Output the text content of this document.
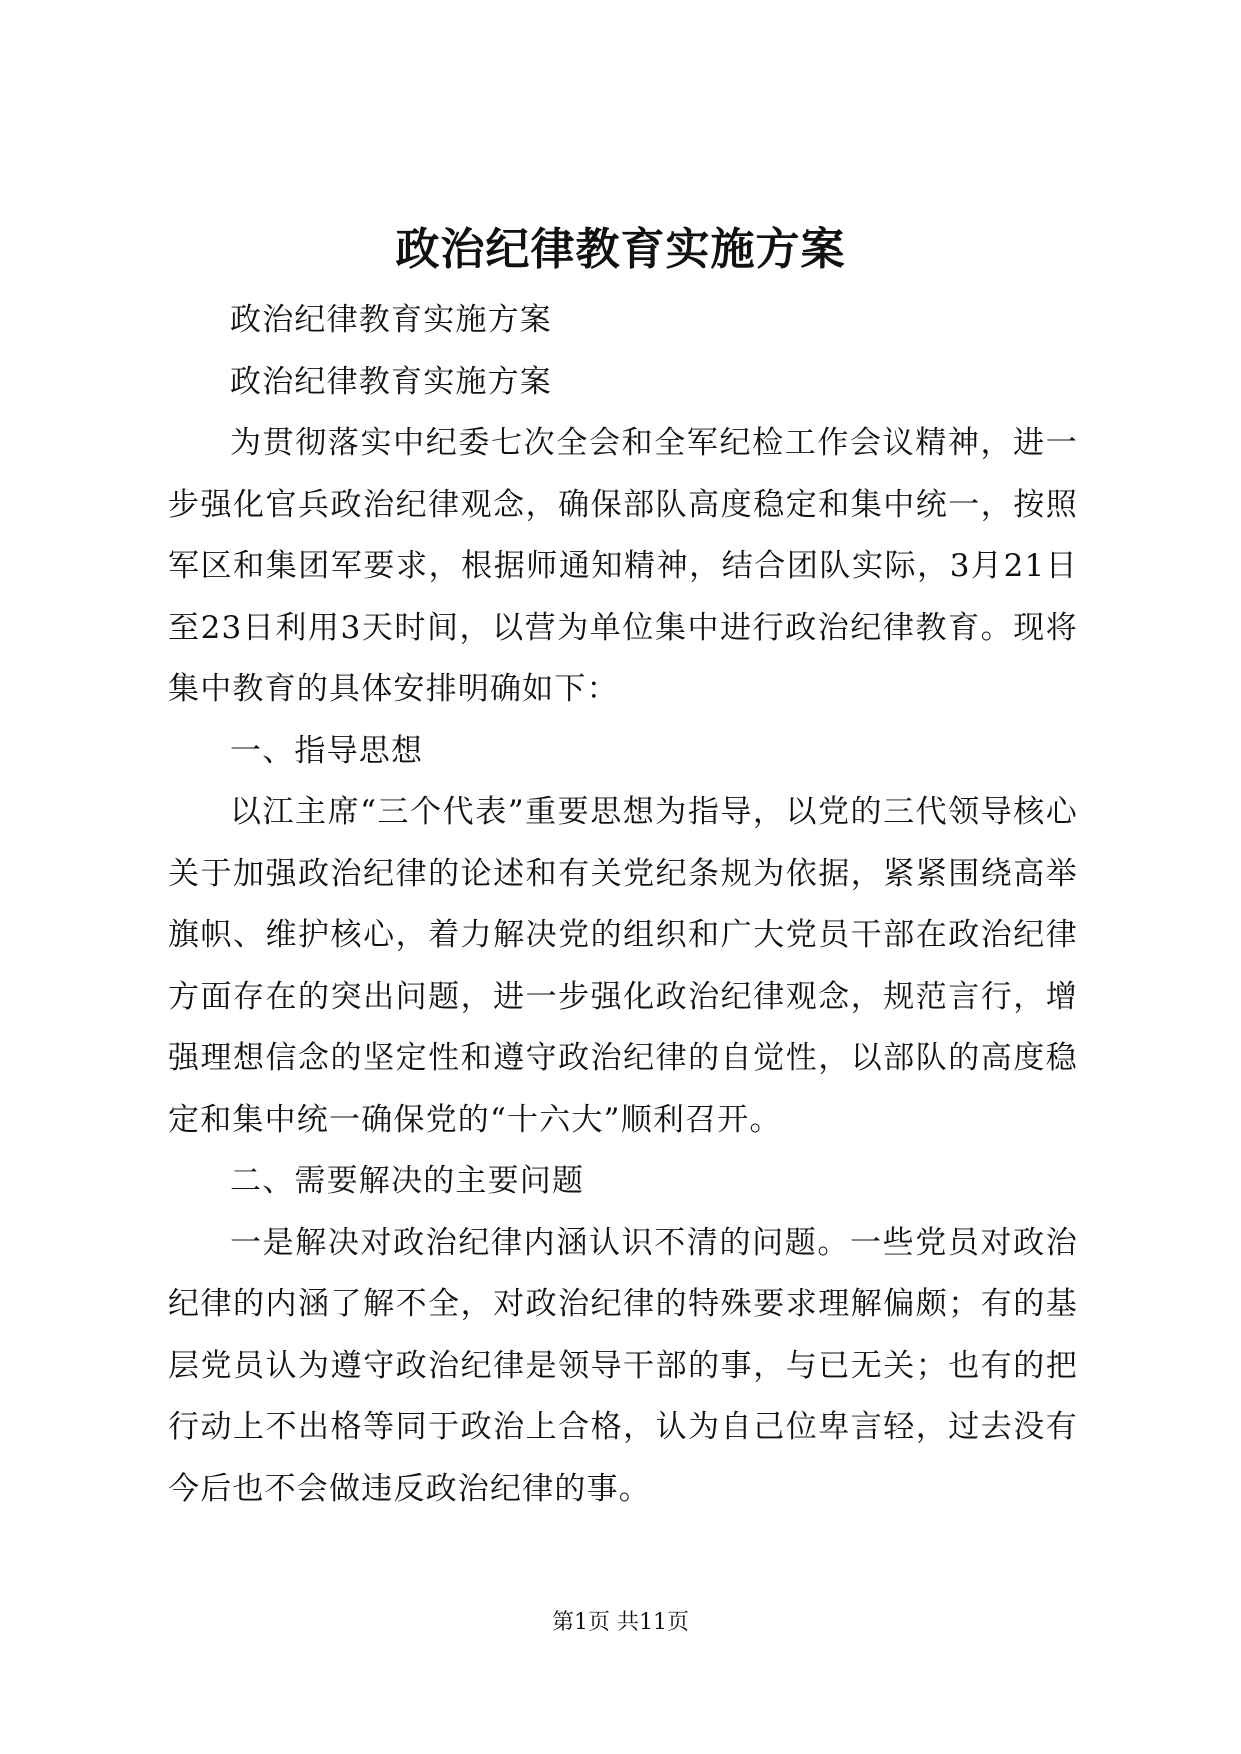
政治纪律教育实施方案

政治纪律教育实施方案

政治纪律教育实施方案

为贯彻落实中纪委七次全会和全军纪检工作会议精神，进一步强化官兵政治纪律观念，确保部队高度稳定和集中统一，按照军区和集团军要求，根据师通知精神，结合团队实际，3月21日至23日利用3天时间，以营为单位集中进行政治纪律教育。现将集中教育的具体安排明确如下：

一、指导思想

以江主席“三个代表”重要思想为指导，以党的三代领导核心关于加强政治纪律的论述和有关党纪条规为依据，紧紧围绕高举旗帜、维护核心，着力解决党的组织和广大党员干部在政治纪律方面存在的突出问题，进一步强化政治纪律观念，规范言行，增强理想信念的坚定性和遵守政治纪律的自觉性，以部队的高度稳定和集中统一确保党的“十六大”顺利召开。

二、需要解决的主要问题

一是解决对政治纪律内涵认识不清的问题。一些党员对政治纪律的内涵了解不全，对政治纪律的特殊要求理解偏颇；有的基层党员认为遵守政治纪律是领导干部的事，与已无关；也有的把行动上不出格等同于政治上合格，认为自己位卑言轻，过去没有今后也不会做违反政治纪律的事。

第1页 共11页
